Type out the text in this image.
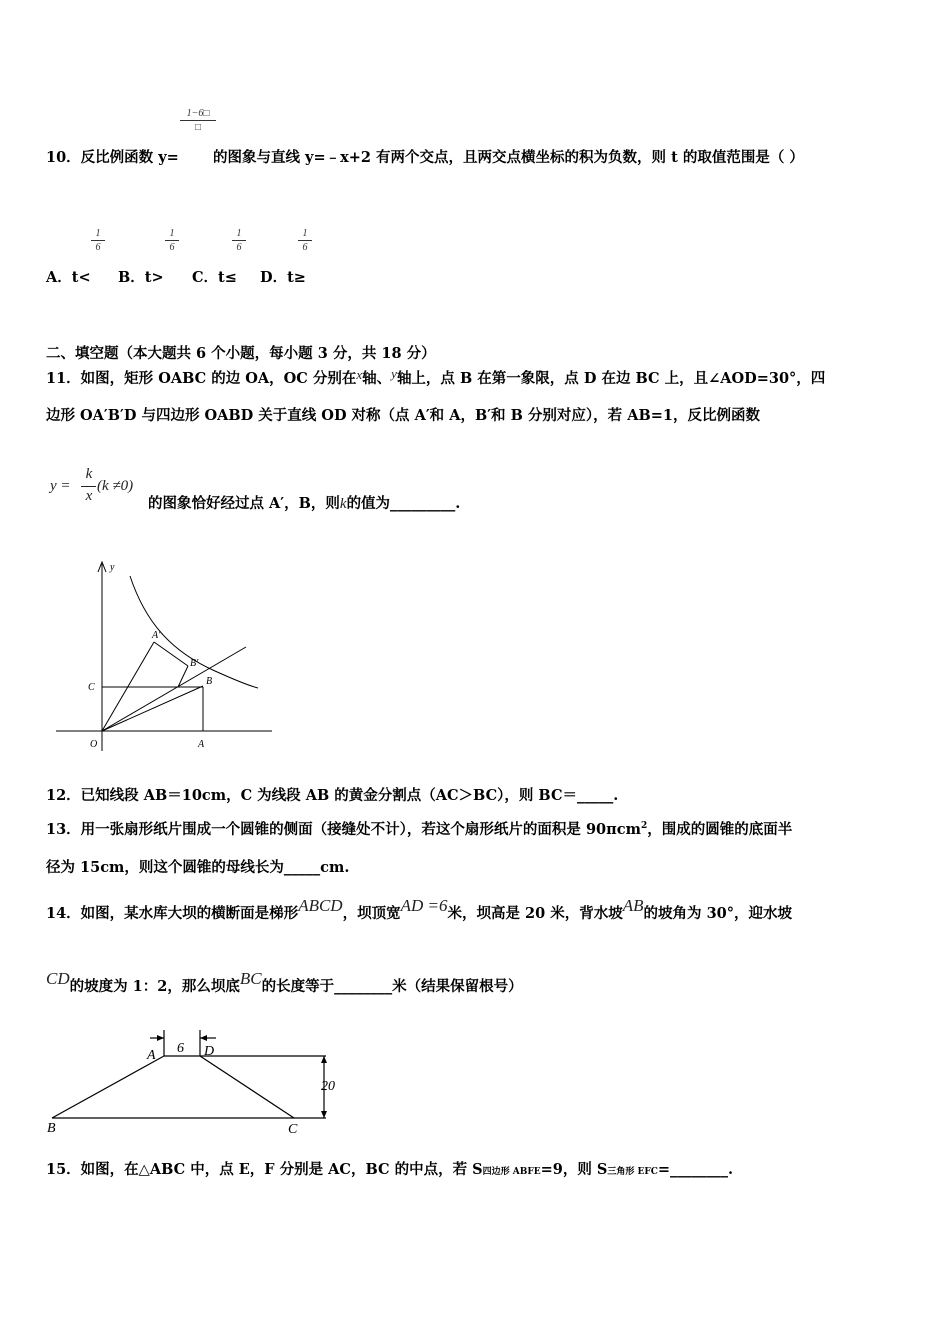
1−6□
□
10．反比例函数 y= 的图象与直线 y=﹣x+2 有两个交点，且两交点横坐标的积为负数，则 t 的取值范围是（ ）
1
6
A．t<
1
6
B．t>
1
6
C．t≤
1
6
D．t≥
二、填空题（本大题共 6 个小题，每小题 3 分，共 18 分）
11．如图，矩形 OABC 的边 OA，OC 分别在x轴、y轴上，点 B 在第一象限，点 D 在边 BC 上，且∠AOD=30°，四
边形 OA′B′D 与四边形 OABD 关于直线 OD 对称（点 A′和 A，B′和 B 分别对应），若 AB=1，反比例函数
y =
k
x
(k ≠0)
的图象恰好经过点 A′，B，则k的值为_________.
y
A′
B′
B
C
O	A
12．已知线段 AB＝10cm，C 为线段 AB 的黄金分割点（AC＞BC），则 BC＝_____.
13．用一张扇形纸片围成一个圆锥的侧面（接缝处不计），若这个扇形纸片的面积是 90πcm$^2$，围成的圆锥的底面半
径为 15cm，则这个圆锥的母线长为_____cm.
14．如图，某水库大坝的横断面是梯形ABCD，坝顶宽AD =6米，坝高是 20 米，背水坡AB的坡角为 30°，迎水坡
CD的坡度为 1：2，那么坝底BC的长度等于________米（结果保留根号）
A 6 D
20
B	C
15．如图，在△ABC 中，点 E，F 分别是 AC，BC 的中点，若 S四边形 ABFE=9，则 S三角形 EFC=________.
